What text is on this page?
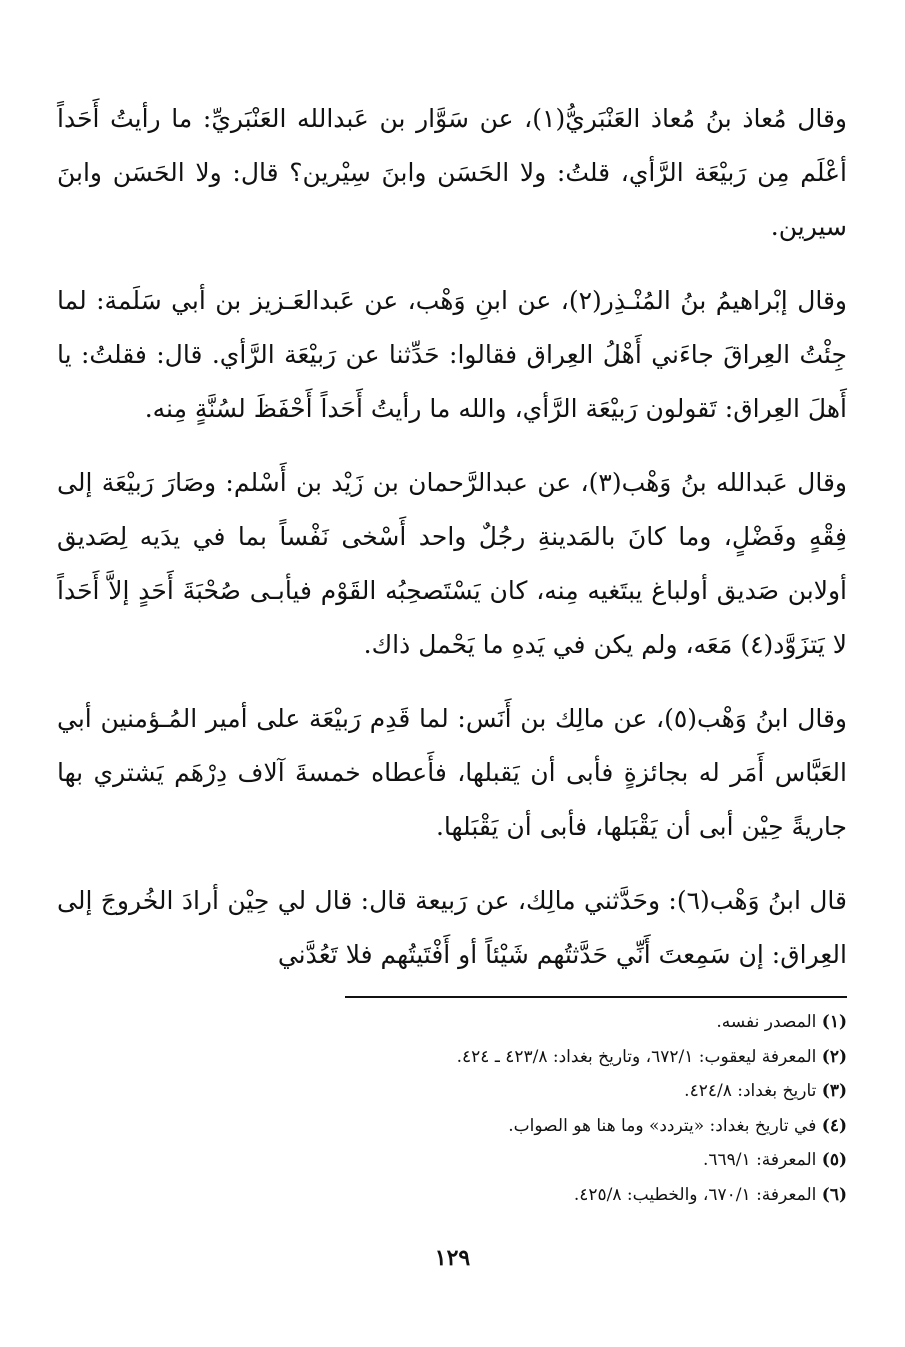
وقال مُعاذ بنُ مُعاذ العَنْبَريُّ(١)، عن سَوَّار بن عَبدالله العَنْبَريِّ: ما رأيتُ أَحَداً أعْلَم مِن رَبيْعَة الرَّأي، قلتُ: ولا الحَسَن وابنَ سِيْرين؟ قال: ولا الحَسَن وابنَ سيرين.

وقال إبْراهيمُ بنُ المُنْـذِر(٢)، عن ابنِ وَهْب، عن عَبدالعَـزيز بن أبي سَلَمة: لما جِئْتُ العِراقَ جاءَني أَهْلُ العِراق فقالوا: حَدِّثنا عن رَبيْعَة الرَّأي. قال: فقلتُ: يا أَهلَ العِراق: تَقولون رَبيْعَة الرَّأي، والله ما رأيتُ أَحَداً أَحْفَظَ لسُنَّةٍ مِنه.

وقال عَبدالله بنُ وَهْب(٣)، عن عبدالرَّحمان بن زَيْد بن أَسْلم: وصَارَ رَبيْعَة إلى فِقْهٍ وفَضْلٍ، وما كانَ بالمَدينةِ رجُلٌ واحد أَسْخى نَفْساً بما في يدَيه لِصَديق أولابن صَديق أولباغ يبتَغيه مِنه، كان يَسْتَصحِبُه القَوْم فيأبـى صُحْبَةَ أَحَدٍ إلاَّ أَحَداً لا يَتزَوَّد(٤) مَعَه، ولم يكن في يَدهِ ما يَحْمل ذاك.

وقال ابنُ وَهْب(٥)، عن مالِك بن أَنَس: لما قَدِم رَبيْعَة على أمير المُـؤمنين أبي العَبَّاس أَمَر له بجائزةٍ فأبى أن يَقبلها، فأَعطاه خمسةَ آلاف دِرْهَم يَشتري بها جاريةً حِيْن أبى أن يَقْبَلها، فأبى أن يَقْبَلها.

قال ابنُ وَهْب(٦): وحَدَّثني مالِك، عن رَبيعة قال: قال لي حِيْن أرادَ الخُروجَ إلى العِراق: إن سَمِعتَ أَنِّي حَدَّثتُهم شَيْئاً أو أَفْتَيتُهم فلا تَعُدَّني

(١) المصدر نفسه.
(٢) المعرفة ليعقوب: ٦٧٢/١، وتاريخ بغداد: ٤٢٣/٨ ـ ٤٢٤.
(٣) تاريخ بغداد: ٤٢٤/٨.
(٤) في تاريخ بغداد: «يتردد» وما هنا هو الصواب.
(٥) المعرفة: ٦٦٩/١.
(٦) المعرفة: ٦٧٠/١، والخطيب: ٤٢٥/٨.
١٢٩
